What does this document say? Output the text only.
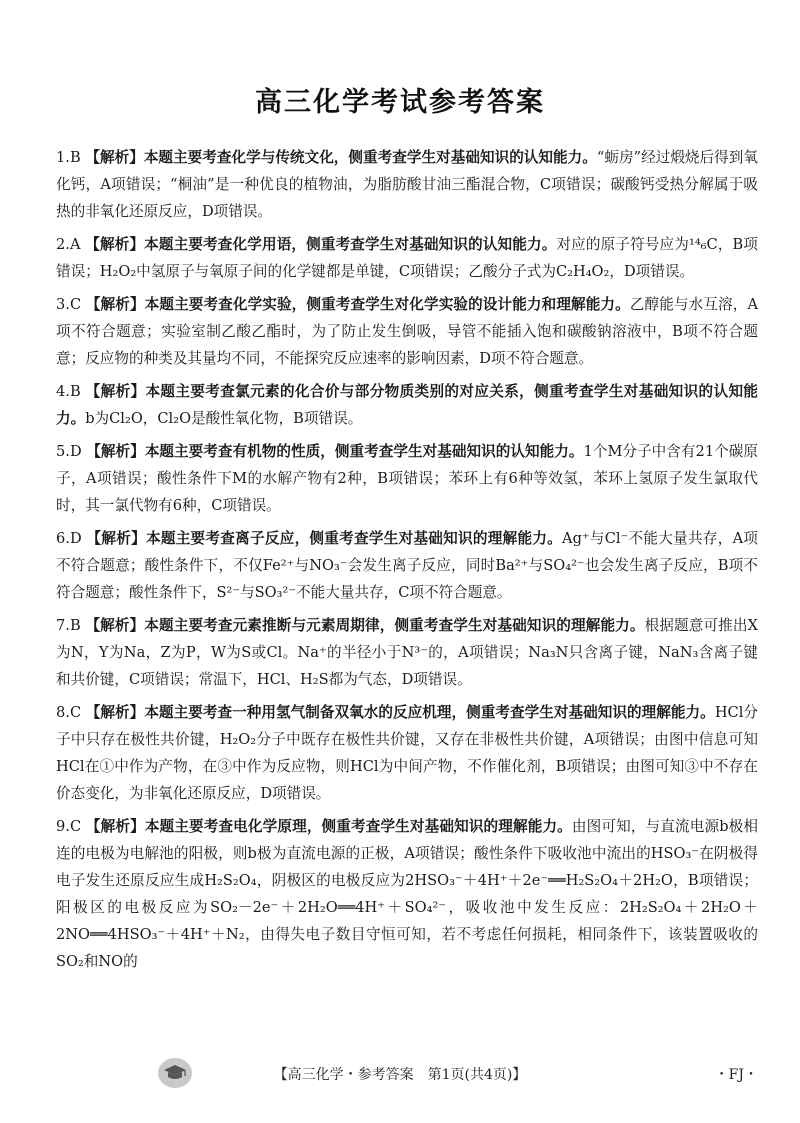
高三化学考试参考答案

1.B 【解析】本题主要考查化学与传统文化，侧重考查学生对基础知识的认知能力。“蛎房”经过煅烧后得到氧化钙，A项错误；“桐油”是一种优良的植物油，为脂肪酸甘油三酯混合物，C项错误；碳酸钙受热分解属于吸热的非氧化还原反应，D项错误。

2.A 【解析】本题主要考查化学用语，侧重考查学生对基础知识的认知能力。对应的原子符号应为¹⁴₆C，B项错误；H₂O₂中氢原子与氧原子间的化学键都是单键，C项错误；乙酸分子式为C₂H₄O₂，D项错误。

3.C 【解析】本题主要考查化学实验，侧重考查学生对化学实验的设计能力和理解能力。乙醇能与水互溶，A项不符合题意；实验室制乙酸乙酯时，为了防止发生倒吸，导管不能插入饱和碳酸钠溶液中，B项不符合题意；反应物的种类及其量均不同，不能探究反应速率的影响因素，D项不符合题意。

4.B 【解析】本题主要考查氯元素的化合价与部分物质类别的对应关系，侧重考查学生对基础知识的认知能力。b为Cl₂O，Cl₂O是酸性氧化物，B项错误。

5.D 【解析】本题主要考查有机物的性质，侧重考查学生对基础知识的认知能力。1个M分子中含有21个碳原子，A项错误；酸性条件下M的水解产物有2种，B项错误；苯环上有6种等效氢，苯环上氢原子发生氯取代时，其一氯代物有6种，C项错误。

6.D 【解析】本题主要考查离子反应，侧重考查学生对基础知识的理解能力。Ag⁺与Cl⁻不能大量共存，A项不符合题意；酸性条件下，不仅Fe²⁺与NO₃⁻会发生离子反应，同时Ba²⁺与SO₄²⁻也会发生离子反应，B项不符合题意；酸性条件下，S²⁻与SO₃²⁻不能大量共存，C项不符合题意。

7.B 【解析】本题主要考查元素推断与元素周期律，侧重考查学生对基础知识的理解能力。根据题意可推出X为N，Y为Na，Z为P，W为S或Cl。Na⁺的半径小于N³⁻的，A项错误；Na₃N只含离子键，NaN₃含离子键和共价键，C项错误；常温下，HCl、H₂S都为气态，D项错误。

8.C 【解析】本题主要考查一种用氢气制备双氧水的反应机理，侧重考查学生对基础知识的理解能力。HCl分子中只存在极性共价键，H₂O₂分子中既存在极性共价键，又存在非极性共价键，A项错误；由图中信息可知HCl在①中作为产物，在③中作为反应物，则HCl为中间产物，不作催化剂，B项错误；由图可知③中不存在价态变化，为非氧化还原反应，D项错误。

9.C 【解析】本题主要考查电化学原理，侧重考查学生对基础知识的理解能力。由图可知，与直流电源b极相连的电极为电解池的阳极，则b极为直流电源的正极，A项错误；酸性条件下吸收池中流出的HSO₃⁻在阴极得电子发生还原反应生成H₂S₂O₄，阴极区的电极反应为2HSO₃⁻＋4H⁺＋2e⁻══H₂S₂O₄＋2H₂O，B项错误；阳极区的电极反应为SO₂－2e⁻＋2H₂O══4H⁺＋SO₄²⁻，吸收池中发生反应：2H₂S₂O₄＋2H₂O＋2NO══4HSO₃⁻＋4H⁺＋N₂，由得失电子数目守恒可知，若不考虑任何损耗，相同条件下，该装置吸收的SO₂和NO的

【高三化学・参考答案　第1页(共4页)】	・FJ・
